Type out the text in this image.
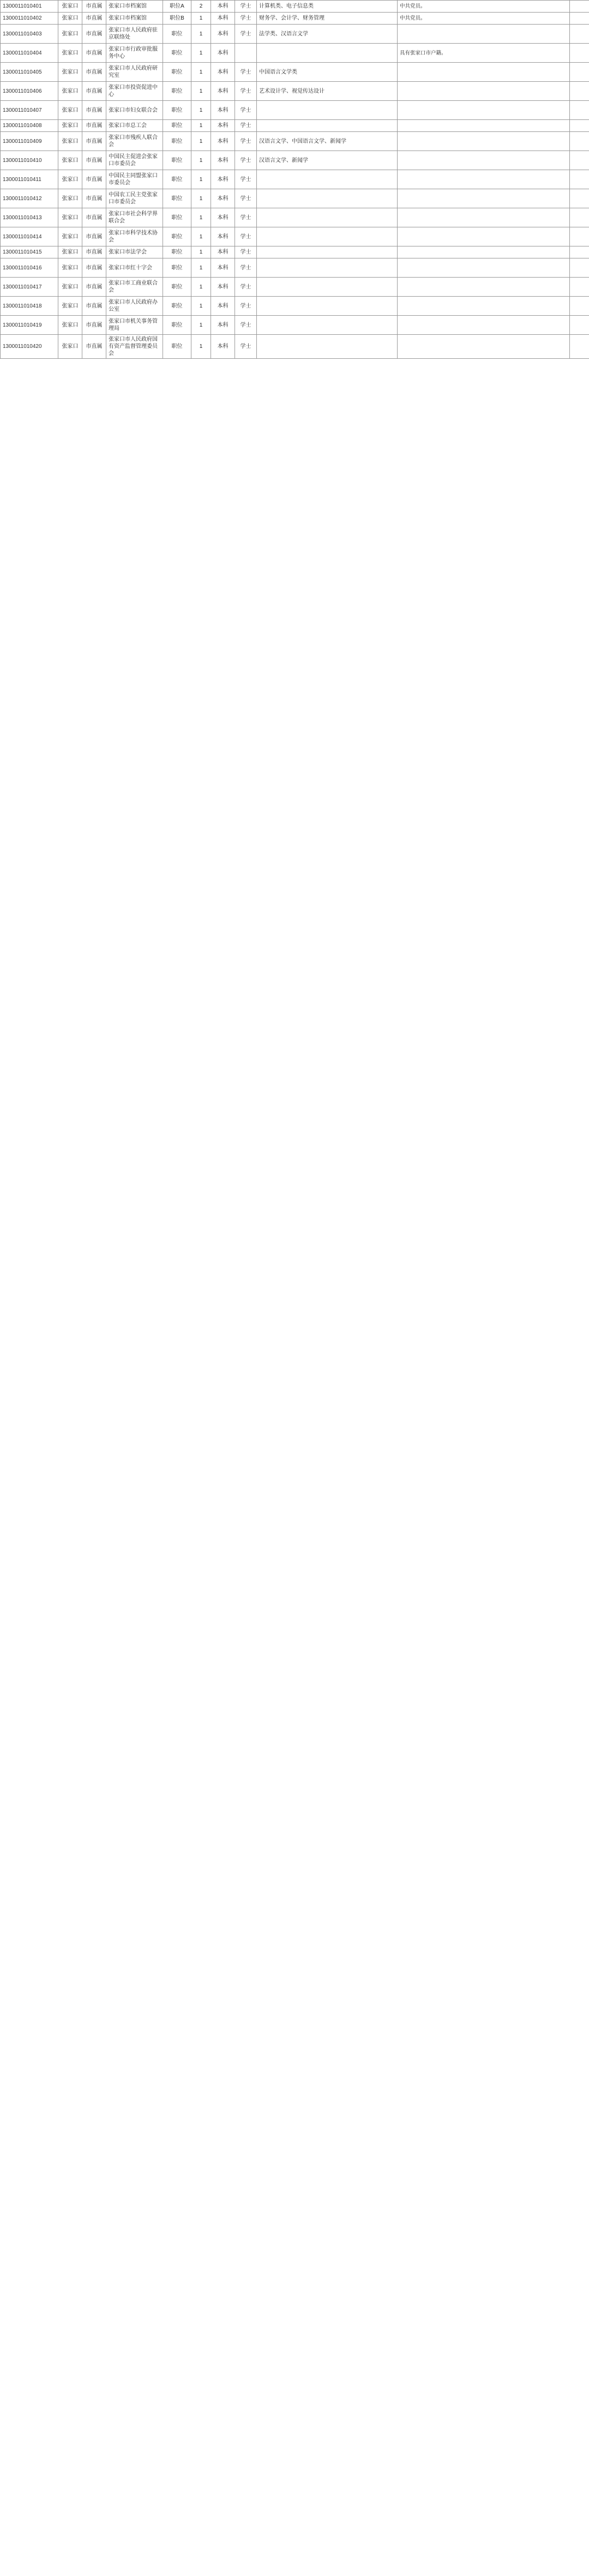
1300011010401	张家口	市直属	张家口市档案馆	职位A	2	本科	学士	计算机类、电子信息类	中共党员。	
1300011010402	张家口	市直属	张家口市档案馆	职位B	1	本科	学士	财务学、会计学、财务管理	中共党员。	
1300011010403	张家口	市直属	张家口市人民政府驻京联络处	职位	1	本科	学士	法学类、汉语言文学		
1300011010404	张家口	市直属	张家口市行政审批服务中心	职位	1	本科			具有张家口市户籍。	
1300011010405	张家口	市直属	张家口市人民政府研究室	职位	1	本科	学士	中国语言文学类		
1300011010406	张家口	市直属	张家口市投资促进中心	职位	1	本科	学士	艺术设计学、视觉传达设计		
1300011010407	张家口	市直属	张家口市妇女联合会	职位	1	本科	学士			
1300011010408	张家口	市直属	张家口市总工会	职位	1	本科	学士			
1300011010409	张家口	市直属	张家口市残疾人联合会	职位	1	本科	学士	汉语言文学、中国语言文学、新闻学		
1300011010410	张家口	市直属	中国民主促进会张家口市委员会	职位	1	本科	学士	汉语言文学、新闻学		
1300011010411	张家口	市直属	中国民主同盟张家口市委员会	职位	1	本科	学士			
1300011010412	张家口	市直属	中国农工民主党张家口市委员会	职位	1	本科	学士			
1300011010413	张家口	市直属	张家口市社会科学界联合会	职位	1	本科	学士			
1300011010414	张家口	市直属	张家口市科学技术协会	职位	1	本科	学士			
1300011010415	张家口	市直属	张家口市法学会	职位	1	本科	学士			
1300011010416	张家口	市直属	张家口市红十字会	职位	1	本科	学士			
1300011010417	张家口	市直属	张家口市工商业联合会	职位	1	本科	学士			
1300011010418	张家口	市直属	张家口市人民政府办公室	职位	1	本科	学士			
1300011010419	张家口	市直属	张家口市机关事务管理局	职位	1	本科	学士			
1300011010420	张家口	市直属	张家口市人民政府国有资产监督管理委员会	职位	1	本科	学士			
